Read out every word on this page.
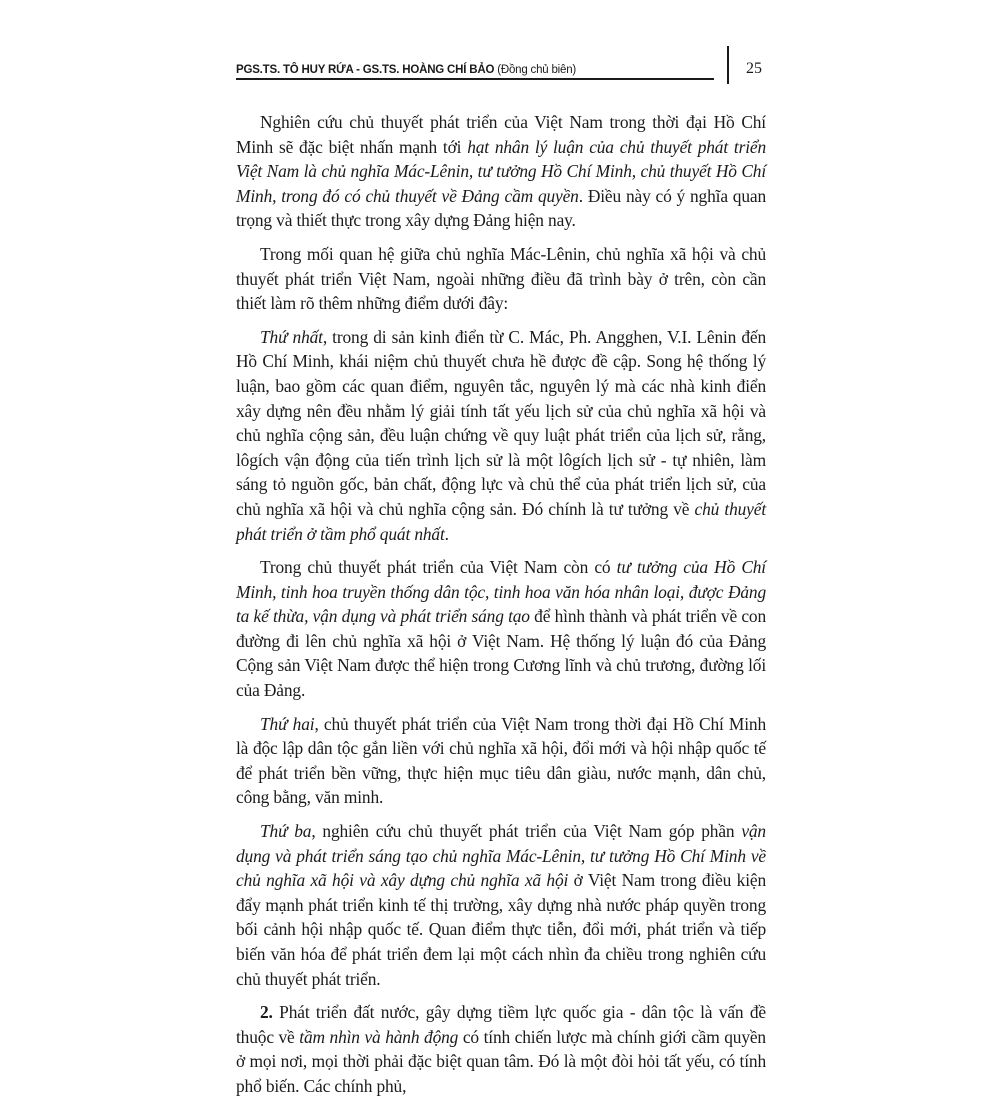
PGS.TS. TÔ HUY RỨA - GS.TS. HOÀNG CHÍ BẢO (Đồng chủ biên)	25

Nghiên cứu chủ thuyết phát triển của Việt Nam trong thời đại Hồ Chí Minh sẽ đặc biệt nhấn mạnh tới hạt nhân lý luận của chủ thuyết phát triển Việt Nam là chủ nghĩa Mác-Lênin, tư tưởng Hồ Chí Minh, chủ thuyết Hồ Chí Minh, trong đó có chủ thuyết về Đảng cầm quyền. Điều này có ý nghĩa quan trọng và thiết thực trong xây dựng Đảng hiện nay.

Trong mối quan hệ giữa chủ nghĩa Mác-Lênin, chủ nghĩa xã hội và chủ thuyết phát triển Việt Nam, ngoài những điều đã trình bày ở trên, còn cần thiết làm rõ thêm những điểm dưới đây:

Thứ nhất, trong di sản kinh điển từ C. Mác, Ph. Angghen, V.I. Lênin đến Hồ Chí Minh, khái niệm chủ thuyết chưa hề được đề cập. Song hệ thống lý luận, bao gồm các quan điểm, nguyên tắc, nguyên lý mà các nhà kinh điển xây dựng nên đều nhằm lý giải tính tất yếu lịch sử của chủ nghĩa xã hội và chủ nghĩa cộng sản, đều luận chứng về quy luật phát triển của lịch sử, rằng, lôgích vận động của tiến trình lịch sử là một lôgích lịch sử - tự nhiên, làm sáng tỏ nguồn gốc, bản chất, động lực và chủ thể của phát triển lịch sử, của chủ nghĩa xã hội và chủ nghĩa cộng sản. Đó chính là tư tưởng về chủ thuyết phát triển ở tầm phổ quát nhất.

Trong chủ thuyết phát triển của Việt Nam còn có tư tưởng của Hồ Chí Minh, tinh hoa truyền thống dân tộc, tinh hoa văn hóa nhân loại, được Đảng ta kế thừa, vận dụng và phát triển sáng tạo để hình thành và phát triển về con đường đi lên chủ nghĩa xã hội ở Việt Nam. Hệ thống lý luận đó của Đảng Cộng sản Việt Nam được thể hiện trong Cương lĩnh và chủ trương, đường lối của Đảng.

Thứ hai, chủ thuyết phát triển của Việt Nam trong thời đại Hồ Chí Minh là độc lập dân tộc gắn liền với chủ nghĩa xã hội, đổi mới và hội nhập quốc tế để phát triển bền vững, thực hiện mục tiêu dân giàu, nước mạnh, dân chủ, công bằng, văn minh.

Thứ ba, nghiên cứu chủ thuyết phát triển của Việt Nam góp phần vận dụng và phát triển sáng tạo chủ nghĩa Mác-Lênin, tư tưởng Hồ Chí Minh về chủ nghĩa xã hội và xây dựng chủ nghĩa xã hội ở Việt Nam trong điều kiện đẩy mạnh phát triển kinh tế thị trường, xây dựng nhà nước pháp quyền trong bối cảnh hội nhập quốc tế. Quan điểm thực tiễn, đổi mới, phát triển và tiếp biến văn hóa để phát triển đem lại một cách nhìn đa chiều trong nghiên cứu chủ thuyết phát triển.

2. Phát triển đất nước, gây dựng tiềm lực quốc gia - dân tộc là vấn đề thuộc về tầm nhìn và hành động có tính chiến lược mà chính giới cầm quyền ở mọi nơi, mọi thời phải đặc biệt quan tâm. Đó là một đòi hỏi tất yếu, có tính phổ biến. Các chính phủ,
